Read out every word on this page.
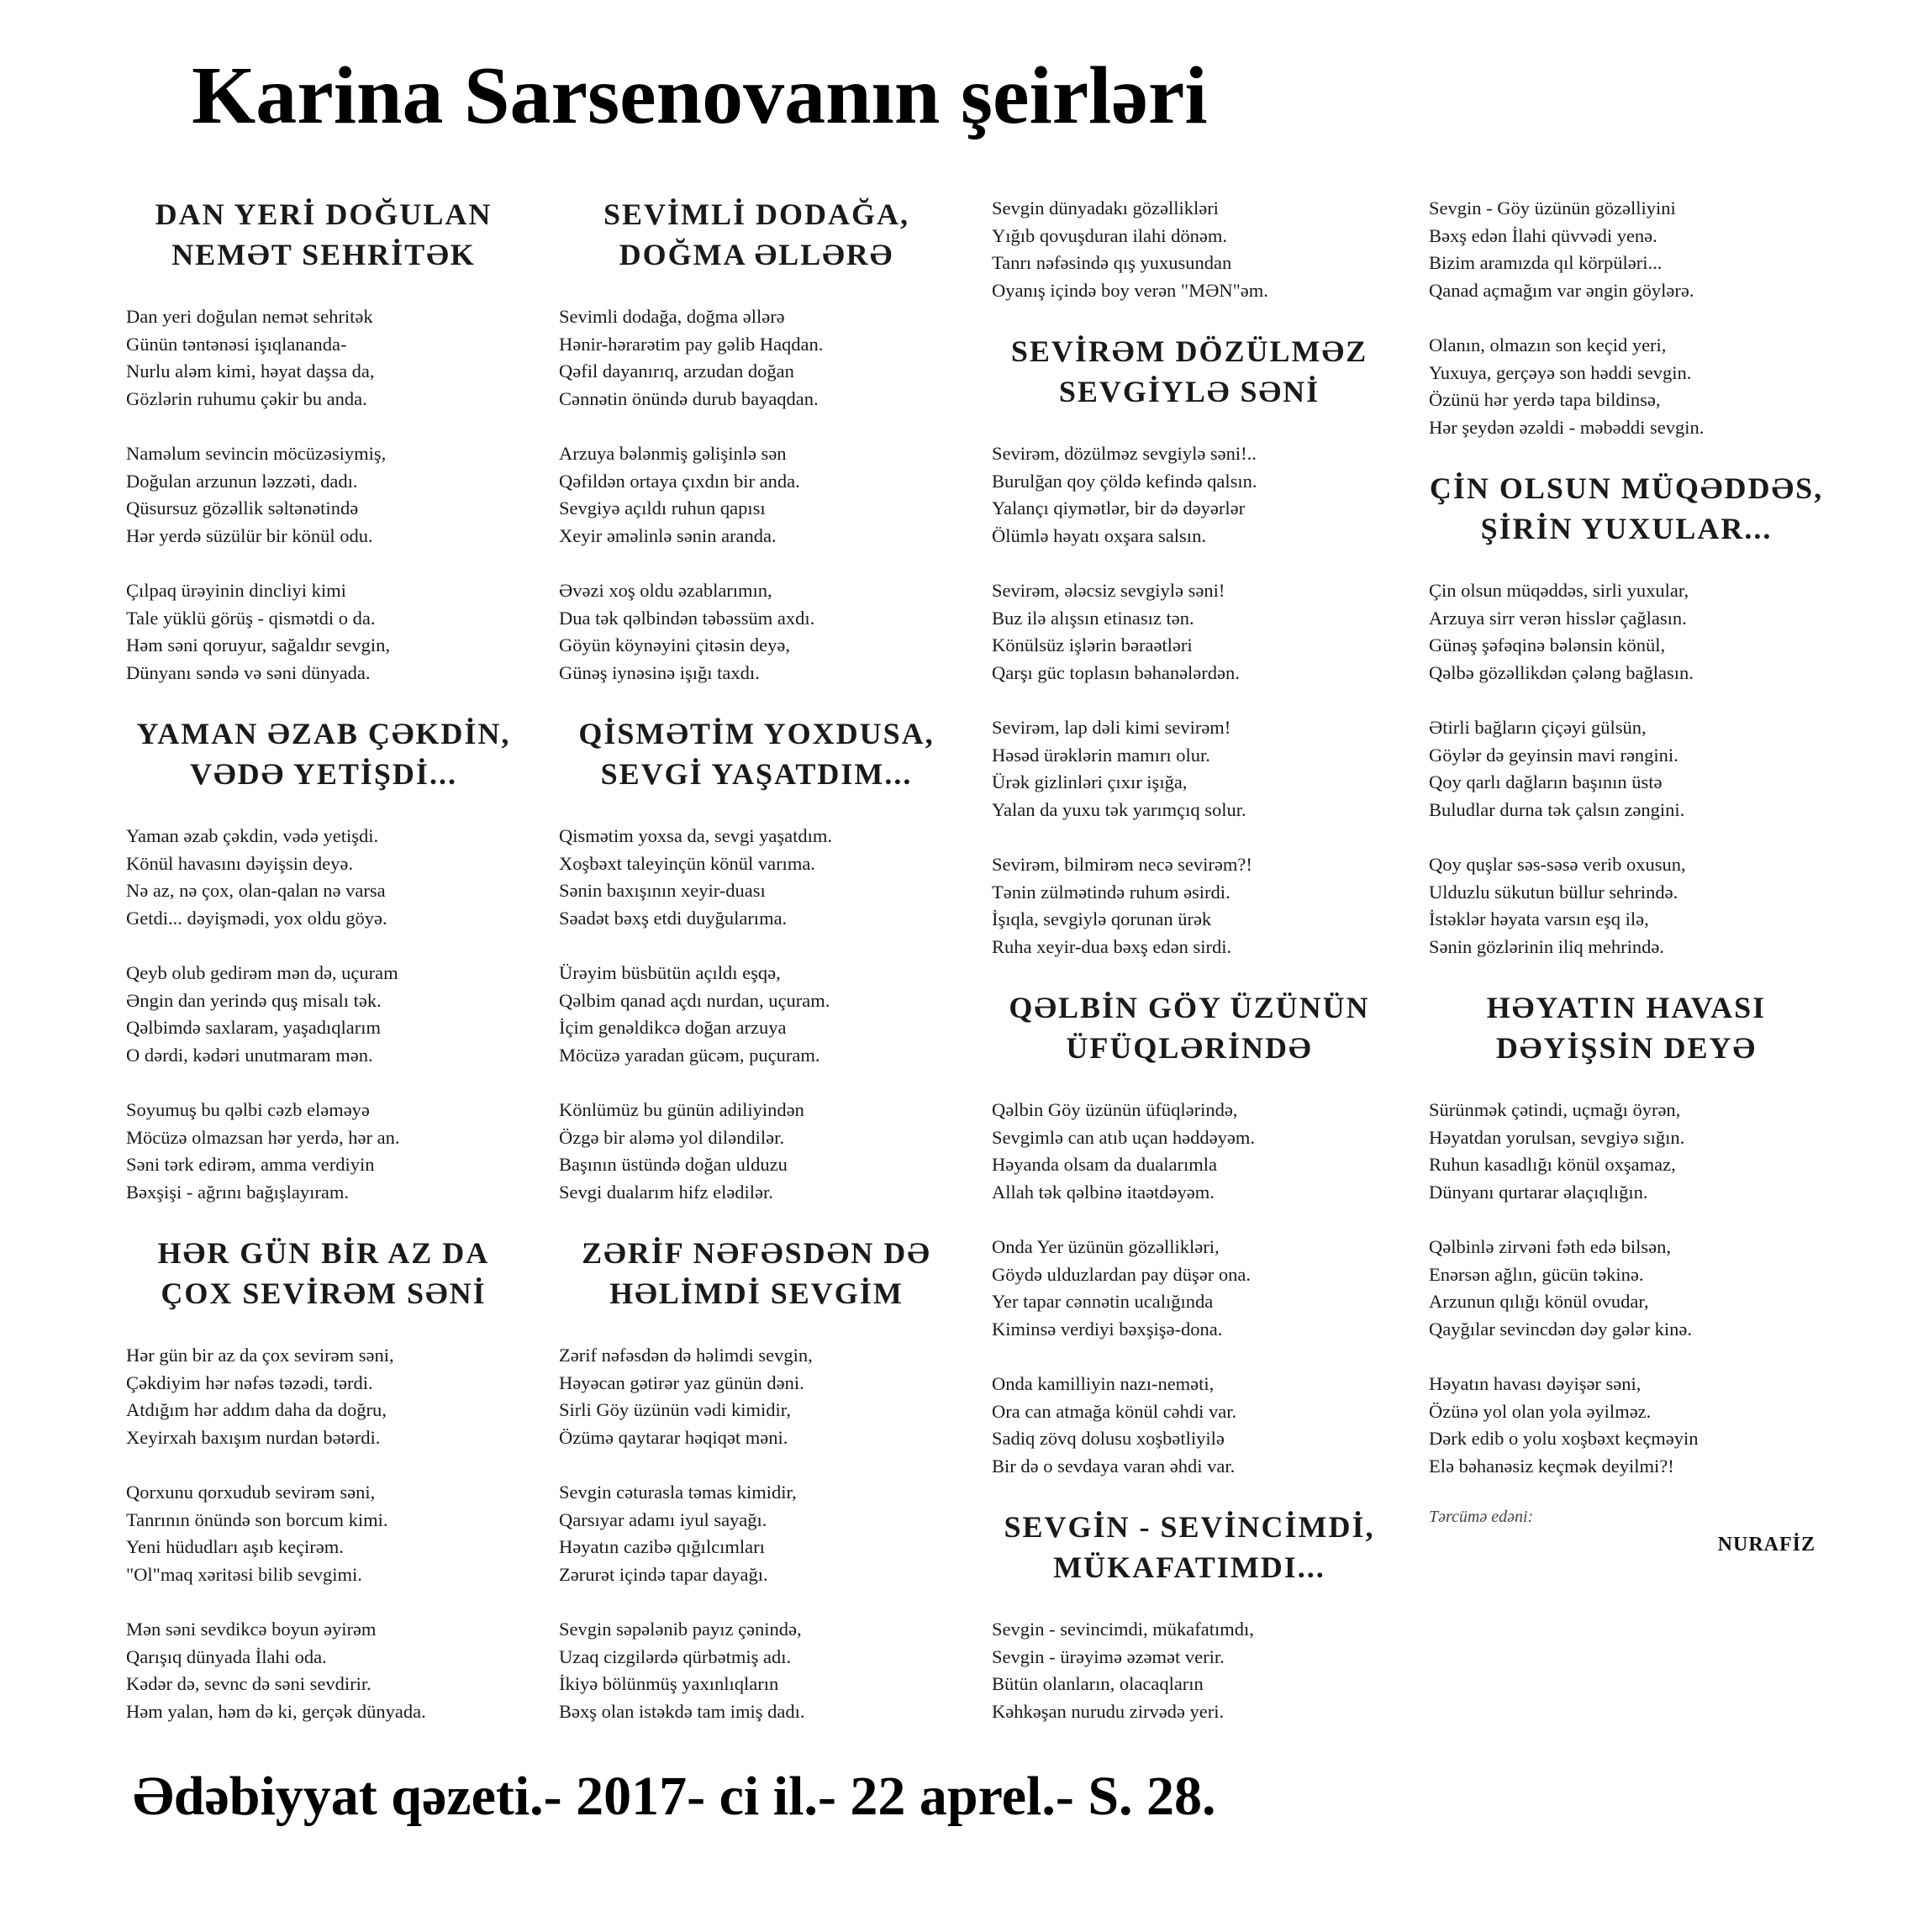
Karina Sarsenovanın şeirləri
DAN YERİ DOĞULAN
NEMƏT SEHRİTƏK

Dan yeri doğulan nemət sehritək

Günün təntənəsi işıqlananda-

Nurlu aləm kimi, həyat daşsa da,

Gözlərin ruhumu çəkir bu anda.

Naməlum sevincin möcüzəsiymiş,

Doğulan arzunun ləzzəti, dadı.

Qüsursuz gözəllik səltənətində

Hər yerdə süzülür bir könül odu.

Çılpaq ürəyinin dincliyi kimi

Tale yüklü görüş - qismətdi o da.

Həm səni qoruyur, sağaldır sevgin,

Dünyanı səndə və səni dünyada.

YAMAN ƏZAB ÇƏKDİN,
VƏDƏ YETİŞDİ...

Yaman əzab çəkdin, vədə yetişdi.

Könül havasını dəyişsin deyə.

Nə az, nə çox, olan-qalan nə varsa

Getdi... dəyişmədi, yox oldu göyə.

Qeyb olub gedirəm mən də, uçuram

Əngin dan yerində quş misalı tək.

Qəlbimdə saxlaram, yaşadıqlarım

O dərdi, kədəri unutmaram mən.

Soyumuş bu qəlbi cəzb eləməyə

Möcüzə olmazsan hər yerdə, hər an.

Səni tərk edirəm, amma verdiyin

Bəxşişi - ağrını bağışlayıram.

HƏR GÜN BİR AZ DA
ÇOX SEVİRƏM SƏNİ

Hər gün bir az da çox sevirəm səni,

Çəkdiyim hər nəfəs təzədi, tərdi.

Atdığım hər addım daha da doğru,

Xeyirxah baxışım nurdan bətərdi.

Qorxunu qorxudub sevirəm səni,

Tanrının önündə son borcum kimi.

Yeni hüdudları aşıb keçirəm.

"Ol"maq xəritəsi bilib sevgimi.

Mən səni sevdikcə boyun əyirəm

Qarışıq dünyada İlahi oda.

Kədər də, sevnc də səni sevdirir.

Həm yalan, həm də ki, gerçək dünyada.

SEVİMLİ DODAĞA,
DOĞMA ƏLLƏRƏ

Sevimli dodağa, doğma əllərə

Hənir-hərarətim pay gəlib Haqdan.

Qəfil dayanırıq, arzudan doğan

Cənnətin önündə durub bayaqdan.

Arzuya bələnmiş gəlişinlə sən

Qəfildən ortaya çıxdın bir anda.

Sevgiyə açıldı ruhun qapısı

Xeyir əməlinlə sənin aranda.

Əvəzi xoş oldu əzablarımın,

Dua tək qəlbindən təbəssüm axdı.

Göyün köynəyini çitəsin deyə,

Günəş iynəsinə işığı taxdı.

QİSMƏTİM YOXDUSA,
SEVGİ YAŞATDIM...

Qismətim yoxsa da, sevgi yaşatdım.

Xoşbəxt taleyinçün könül varıma.

Sənin baxışının xeyir-duası

Səadət bəxş etdi duyğularıma.

Ürəyim büsbütün açıldı eşqə,

Qəlbim qanad açdı nurdan, uçuram.

İçim genəldikcə doğan arzuya

Möcüzə yaradan gücəm, puçuram.

Könlümüz bu günün adiliyindən

Özgə bir aləmə yol diləndilər.

Başının üstündə doğan ulduzu

Sevgi dualarım hifz elədilər.

ZƏRİF NƏFƏSDƏN DƏ
HƏLİMDİ SEVGİM

Zərif nəfəsdən də həlimdi sevgin,

Həyəcan gətirər yaz günün dəni.

Sirli Göy üzünün vədi kimidir,

Özümə qaytarar həqiqət məni.

Sevgin cəturasla təmas kimidir,

Qarsıyar adamı iyul sayağı.

Həyatın cazibə qığılcımları

Zərurət içində tapar dayağı.

Sevgin səpələnib payız çənində,

Uzaq cizgilərdə qürbətmiş adı.

İkiyə bölünmüş yaxınlıqların

Bəxş olan istəkdə tam imiş dadı.

Sevgin dünyadakı gözəllikləri

Yığıb qovuşduran ilahi dönəm.

Tanrı nəfəsində qış yuxusundan

Oyanış içində boy verən "MƏN"əm.

SEVİRƏM DÖZÜLMƏZ
SEVGİYLƏ SƏNİ

Sevirəm, dözülməz sevgiylə səni!..

Burulğan qoy çöldə kefində qalsın.

Yalançı qiymətlər, bir də dəyərlər

Ölümlə həyatı oxşara salsın.

Sevirəm, ələcsiz sevgiylə səni!

Buz ilə alışsın etinasız tən.

Könülsüz işlərin bəraətləri

Qarşı güc toplasın bəhanələrdən.

Sevirəm, lap dəli kimi sevirəm!

Həsəd ürəklərin mamırı olur.

Ürək gizlinləri çıxır işığa,

Yalan da yuxu tək yarımçıq solur.

Sevirəm, bilmirəm necə sevirəm?!

Tənin zülmətində ruhum əsirdi.

İşıqla, sevgiylə qorunan ürək

Ruha xeyir-dua bəxş edən sirdi.

QƏLBİN GÖY ÜZÜNÜN
ÜFÜQLƏRİNDƏ

Qəlbin Göy üzünün üfüqlərində,

Sevgimlə can atıb uçan həddəyəm.

Həyanda olsam da dualarımla

Allah tək qəlbinə itaətdəyəm.

Onda Yer üzünün gözəllikləri,

Göydə ulduzlardan pay düşər ona.

Yer tapar cənnətin ucalığında

Kiminsə verdiyi bəxşişə-dona.

Onda kamilliyin nazı-neməti,

Ora can atmağa könül cəhdi var.

Sadiq zövq dolusu xoşbətliyilə

Bir də o sevdaya varan əhdi var.

SEVGİN - SEVİNCİMDİ,
MÜKAFATIMDI...

Sevgin - sevincimdi, mükafatımdı,

Sevgin - ürəyimə əzəmət verir.

Bütün olanların, olacaqların

Kəhkəşan nurudu zirvədə yeri.

Sevgin - Göy üzünün gözəlliyini

Bəxş edən İlahi qüvvədi yenə.

Bizim aramızda qıl körpüləri...

Qanad açmağım var əngin göylərə.

Olanın, olmazın son keçid yeri,

Yuxuya, gerçəyə son həddi sevgin.

Özünü hər yerdə tapa bildinsə,

Hər şeydən əzəldi - məbəddi sevgin.

ÇİN OLSUN MÜQƏDDƏS,
ŞİRİN YUXULAR...

Çin olsun müqəddəs, sirli yuxular,

Arzuya sirr verən hisslər çağlasın.

Günəş şəfəqinə bələnsin könül,

Qəlbə gözəllikdən çələng bağlasın.

Ətirli bağların çiçəyi gülsün,

Göylər də geyinsin mavi rəngini.

Qoy qarlı dağların başının üstə

Buludlar durna tək çalsın zəngini.

Qoy quşlar səs-səsə verib oxusun,

Ulduzlu sükutun büllur sehrində.

İstəklər həyata varsın eşq ilə,

Sənin gözlərinin iliq mehrində.

HƏYATIN HAVASI
DƏYİŞSİN DEYƏ

Sürünmək çətindi, uçmağı öyrən,

Həyatdan yorulsan, sevgiyə sığın.

Ruhun kasadlığı könül oxşamaz,

Dünyanı qurtarar əlaçıqlığın.

Qəlbinlə zirvəni fəth edə bilsən,

Enərsən ağlın, gücün təkinə.

Arzunun qılığı könül ovudar,

Qayğılar sevincdən dəy gələr kinə.

Həyatın havası dəyişər səni,

Özünə yol olan yola əyilməz.

Dərk edib o yolu xoşbəxt keçməyin

Elə bəhanəsiz keçmək deyilmi?!

Tərcümə edəni:

NURAFİZ

Ədəbiyyat qəzeti.- 2017- ci il.- 22 aprel.- S. 28.
